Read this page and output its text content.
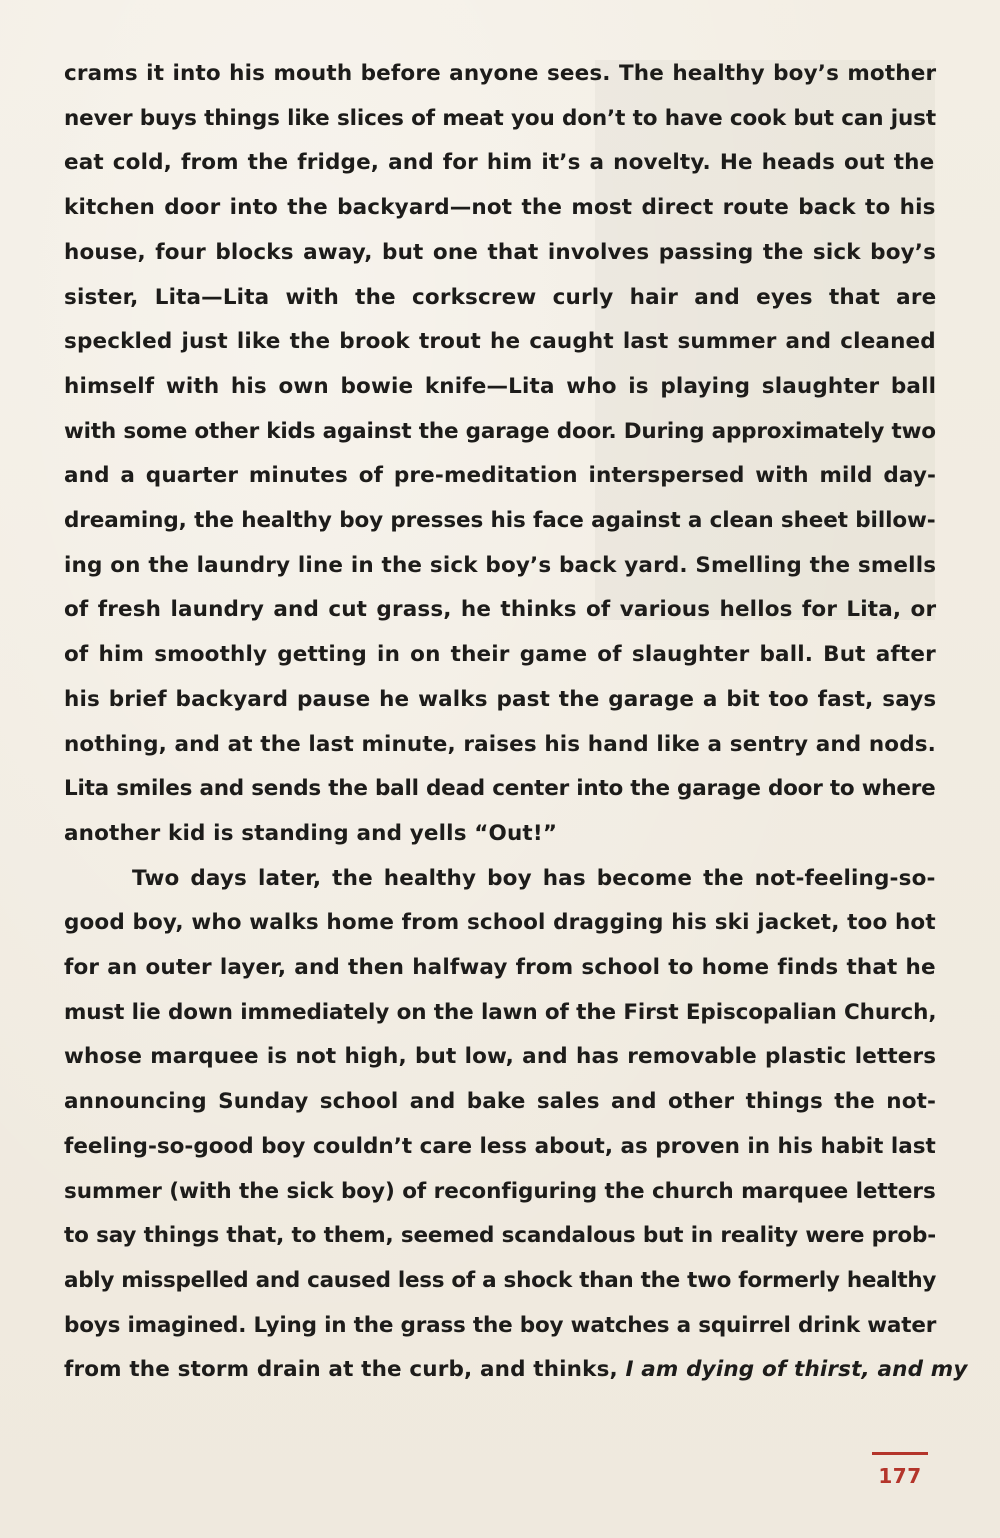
crams it into his mouth before anyone sees. The healthy boy’s mother
never buys things like slices of meat you don’t to have cook but can just
eat cold, from the fridge, and for him it’s a novelty. He heads out the
kitchen door into the backyard—not the most direct route back to his
house, four blocks away, but one that involves passing the sick boy’s
sister, Lita—Lita with the corkscrew curly hair and eyes that are
speckled just like the brook trout he caught last summer and cleaned
himself with his own bowie knife—Lita who is playing slaughter ball
with some other kids against the garage door. During approximately two
and a quarter minutes of pre-meditation interspersed with mild day-
dreaming, the healthy boy presses his face against a clean sheet billow-
ing on the laundry line in the sick boy’s back yard. Smelling the smells
of fresh laundry and cut grass, he thinks of various hellos for Lita, or
of him smoothly getting in on their game of slaughter ball. But after
his brief backyard pause he walks past the garage a bit too fast, says
nothing, and at the last minute, raises his hand like a sentry and nods.
Lita smiles and sends the ball dead center into the garage door to where
another kid is standing and yells “Out!”

Two days later, the healthy boy has become the not-feeling-so-
good boy, who walks home from school dragging his ski jacket, too hot
for an outer layer, and then halfway from school to home finds that he
must lie down immediately on the lawn of the First Episcopalian Church,
whose marquee is not high, but low, and has removable plastic letters
announcing Sunday school and bake sales and other things the not-
feeling-so-good boy couldn’t care less about, as proven in his habit last
summer (with the sick boy) of reconfiguring the church marquee letters
to say things that, to them, seemed scandalous but in reality were prob-
ably misspelled and caused less of a shock than the two formerly healthy
boys imagined. Lying in the grass the boy watches a squirrel drink water
from the storm drain at the curb, and thinks, I am dying of thirst, and my

177
